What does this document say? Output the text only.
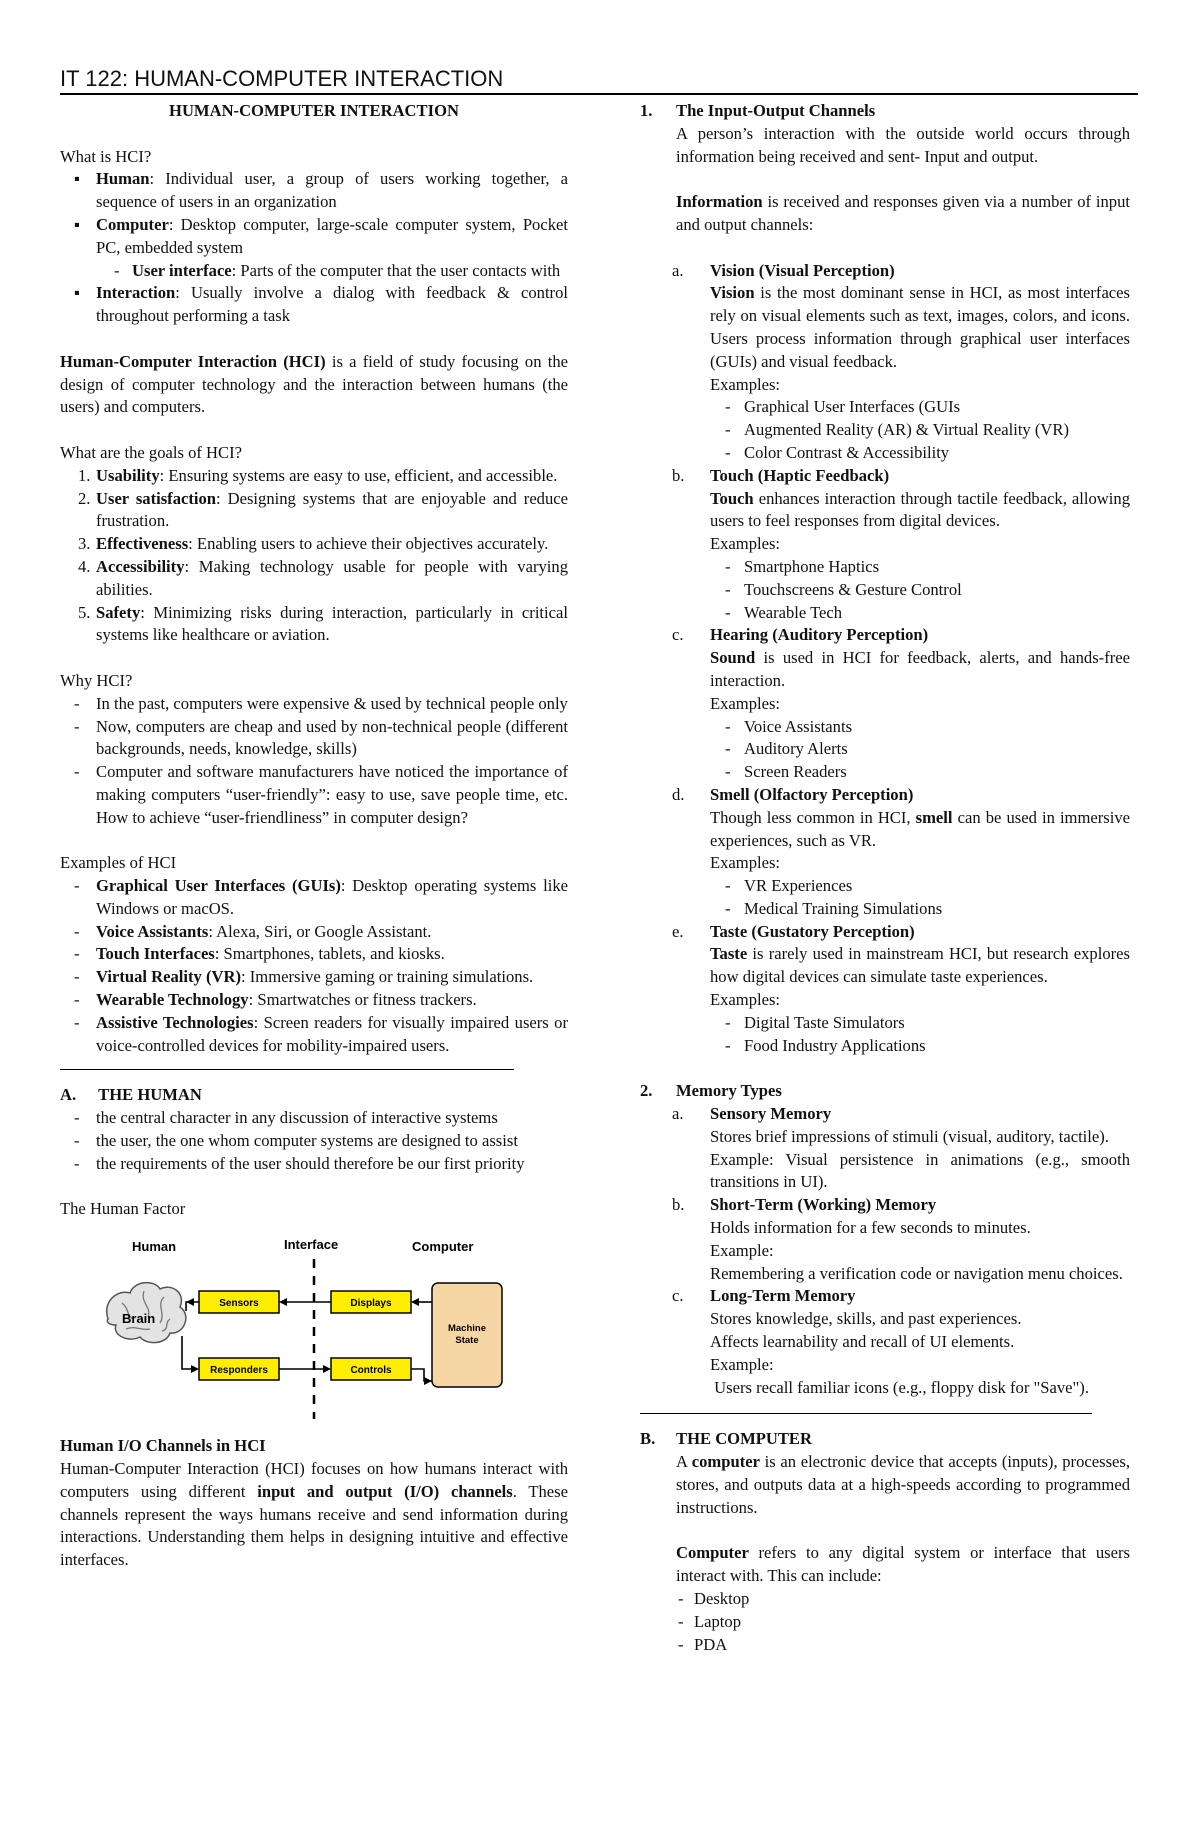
IT 122: HUMAN-COMPUTER INTERACTION

HUMAN-COMPUTER INTERACTION

What is HCI?

▪ Human: Individual user, a group of users working together, a sequence of users in an organization
▪ Computer: Desktop computer, large-scale computer system, Pocket PC, embedded system
- User interface: Parts of the computer that the user contacts with
▪ Interaction: Usually involve a dialog with feedback & control throughout performing a task

Human-Computer Interaction (HCI) is a field of study focusing on the design of computer technology and the interaction between humans (the users) and computers.

What are the goals of HCI?

1. Usability: Ensuring systems are easy to use, efficient, and accessible.
2. User satisfaction: Designing systems that are enjoyable and reduce frustration.
3. Effectiveness: Enabling users to achieve their objectives accurately.
4. Accessibility: Making technology usable for people with varying abilities.
5. Safety: Minimizing risks during interaction, particularly in critical systems like healthcare or aviation.

Why HCI?

- In the past, computers were expensive & used by technical people only
- Now, computers are cheap and used by non-technical people (different backgrounds, needs, knowledge, skills)
- Computer and software manufacturers have noticed the importance of making computers “user-friendly”: easy to use, save people time, etc. How to achieve “user-friendliness” in computer design?

Examples of HCI

- Graphical User Interfaces (GUIs): Desktop operating systems like Windows or macOS.
- Voice Assistants: Alexa, Siri, or Google Assistant.
- Touch Interfaces: Smartphones, tablets, and kiosks.
- Virtual Reality (VR): Immersive gaming or training simulations.
- Wearable Technology: Smartwatches or fitness trackers.
- Assistive Technologies: Screen readers for visually impaired users or voice-controlled devices for mobility-impaired users.

A. THE HUMAN

- the central character in any discussion of interactive systems
- the user, the one whom computer systems are designed to assist
- the requirements of the user should therefore be our first priority

The Human Factor

Human	Interface	Computer
Brain
Sensors
Responders
Displays
Controls
Machine State

Human I/O Channels in HCI

Human-Computer Interaction (HCI) focuses on how humans interact with computers using different input and output (I/O) channels. These channels represent the ways humans receive and send information during interactions. Understanding them helps in designing intuitive and effective interfaces.

1. The Input-Output Channels

A person’s interaction with the outside world occurs through information being received and sent- Input and output.

Information is received and responses given via a number of input and output channels:

a. Vision (Visual Perception)

Vision is the most dominant sense in HCI, as most interfaces rely on visual elements such as text, images, colors, and icons. Users process information through graphical user interfaces (GUIs) and visual feedback.

Examples:

- Graphical User Interfaces (GUIs
- Augmented Reality (AR) & Virtual Reality (VR)
- Color Contrast & Accessibility
b. Touch (Haptic Feedback)

Touch enhances interaction through tactile feedback, allowing users to feel responses from digital devices.

Examples:

- Smartphone Haptics
- Touchscreens & Gesture Control
- Wearable Tech
c. Hearing (Auditory Perception)

Sound is used in HCI for feedback, alerts, and hands-free interaction.

Examples:

- Voice Assistants
- Auditory Alerts
- Screen Readers
d. Smell (Olfactory Perception)

Though less common in HCI, smell can be used in immersive experiences, such as VR.

Examples:

- VR Experiences
- Medical Training Simulations
e. Taste (Gustatory Perception)

Taste is rarely used in mainstream HCI, but research explores how digital devices can simulate taste experiences.

Examples:

- Digital Taste Simulators
- Food Industry Applications
2. Memory Types
a. Sensory Memory

Stores brief impressions of stimuli (visual, auditory, tactile).

Example: Visual persistence in animations (e.g., smooth transitions in UI).

b. Short-Term (Working) Memory

Holds information for a few seconds to minutes.

Example:

Remembering a verification code or navigation menu choices.

c. Long-Term Memory

Stores knowledge, skills, and past experiences.

Affects learnability and recall of UI elements.

Example:

Users recall familiar icons (e.g., floppy disk for "Save").

B. THE COMPUTER

A computer is an electronic device that accepts (inputs), processes, stores, and outputs data at a high-speeds according to programmed instructions.

Computer refers to any digital system or interface that users interact with. This can include:

- Desktop
- Laptop
- PDA
